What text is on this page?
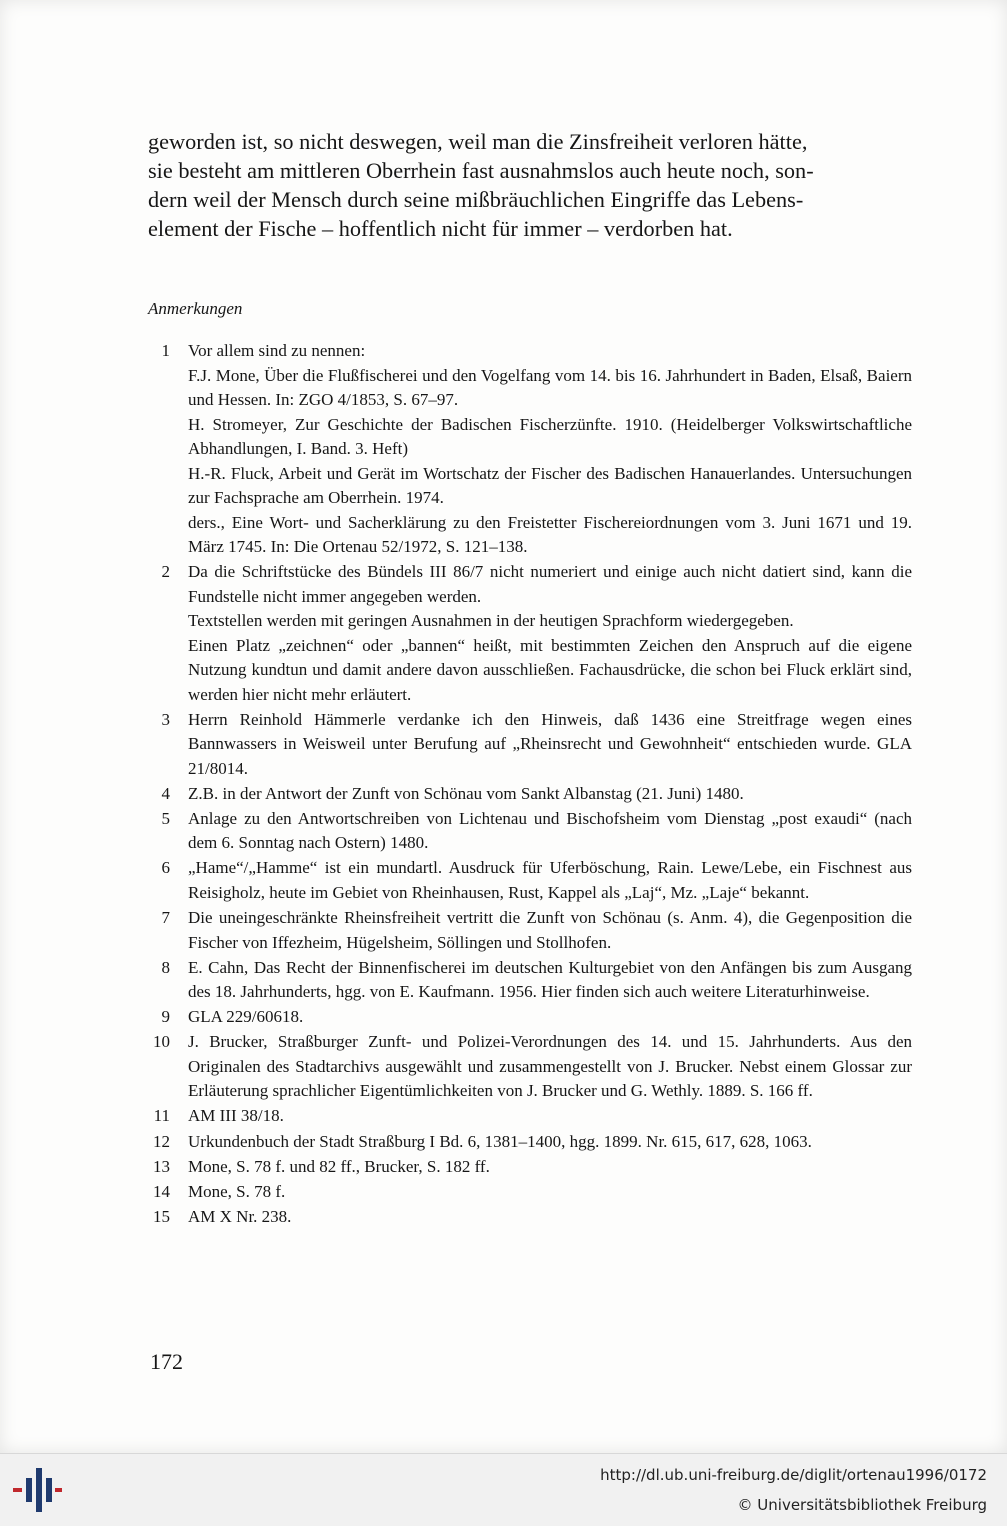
geworden ist, so nicht deswegen, weil man die Zinsfreiheit verloren hätte,
sie besteht am mittleren Oberrhein fast ausnahmslos auch heute noch, son-
dern weil der Mensch durch seine mißbräuchlichen Eingriffe das Lebens-
element der Fische – hoffentlich nicht für immer – verdorben hat.

Anmerkungen

1 Vor allem sind zu nennen:
F.J. Mone, Über die Flußfischerei und den Vogelfang vom 14. bis 16. Jahrhundert in Baden, Elsaß, Baiern und Hessen. In: ZGO 4/1853, S. 67–97.
H. Stromeyer, Zur Geschichte der Badischen Fischerzünfte. 1910. (Heidelberger Volkswirtschaftliche Abhandlungen, I. Band. 3. Heft)
H.-R. Fluck, Arbeit und Gerät im Wortschatz der Fischer des Badischen Hanauerlandes. Untersuchungen zur Fachsprache am Oberrhein. 1974.
ders., Eine Wort- und Sacherklärung zu den Freistetter Fischereiordnungen vom 3. Juni 1671 und 19. März 1745. In: Die Ortenau 52/1972, S. 121–138.
2 Da die Schriftstücke des Bündels III 86/7 nicht numeriert und einige auch nicht datiert sind, kann die Fundstelle nicht immer angegeben werden.
Textstellen werden mit geringen Ausnahmen in der heutigen Sprachform wiedergegeben.
Einen Platz „zeichnen“ oder „bannen“ heißt, mit bestimmten Zeichen den Anspruch auf die eigene Nutzung kundtun und damit andere davon ausschließen. Fachausdrücke, die schon bei Fluck erklärt sind, werden hier nicht mehr erläutert.
3 Herrn Reinhold Hämmerle verdanke ich den Hinweis, daß 1436 eine Streitfrage wegen eines Bannwassers in Weisweil unter Berufung auf „Rheinsrecht und Gewohnheit“ entschieden wurde. GLA 21/8014.
4 Z.B. in der Antwort der Zunft von Schönau vom Sankt Albanstag (21. Juni) 1480.
5 Anlage zu den Antwortschreiben von Lichtenau und Bischofsheim vom Dienstag „post exaudi“ (nach dem 6. Sonntag nach Ostern) 1480.
6 „Hame“/„Hamme“ ist ein mundartl. Ausdruck für Uferböschung, Rain. Lewe/Lebe, ein Fischnest aus Reisigholz, heute im Gebiet von Rheinhausen, Rust, Kappel als „Laj“, Mz. „Laje“ bekannt.
7 Die uneingeschränkte Rheinsfreiheit vertritt die Zunft von Schönau (s. Anm. 4), die Gegenposition die Fischer von Iffezheim, Hügelsheim, Söllingen und Stollhofen.
8 E. Cahn, Das Recht der Binnenfischerei im deutschen Kulturgebiet von den Anfängen bis zum Ausgang des 18. Jahrhunderts, hgg. von E. Kaufmann. 1956. Hier finden sich auch weitere Literaturhinweise.
9 GLA 229/60618.
10 J. Brucker, Straßburger Zunft- und Polizei-Verordnungen des 14. und 15. Jahrhunderts. Aus den Originalen des Stadtarchivs ausgewählt und zusammengestellt von J. Brucker. Nebst einem Glossar zur Erläuterung sprachlicher Eigentümlichkeiten von J. Brucker und G. Wethly. 1889. S. 166 ff.
11 AM III 38/18.
12 Urkundenbuch der Stadt Straßburg I Bd. 6, 1381–1400, hgg. 1899. Nr. 615, 617, 628, 1063.
13 Mone, S. 78 f. und 82 ff., Brucker, S. 182 ff.
14 Mone, S. 78 f.
15 AM X Nr. 238.
172
http://dl.ub.uni-freiburg.de/diglit/ortenau1996/0172
© Universitätsbibliothek Freiburg
